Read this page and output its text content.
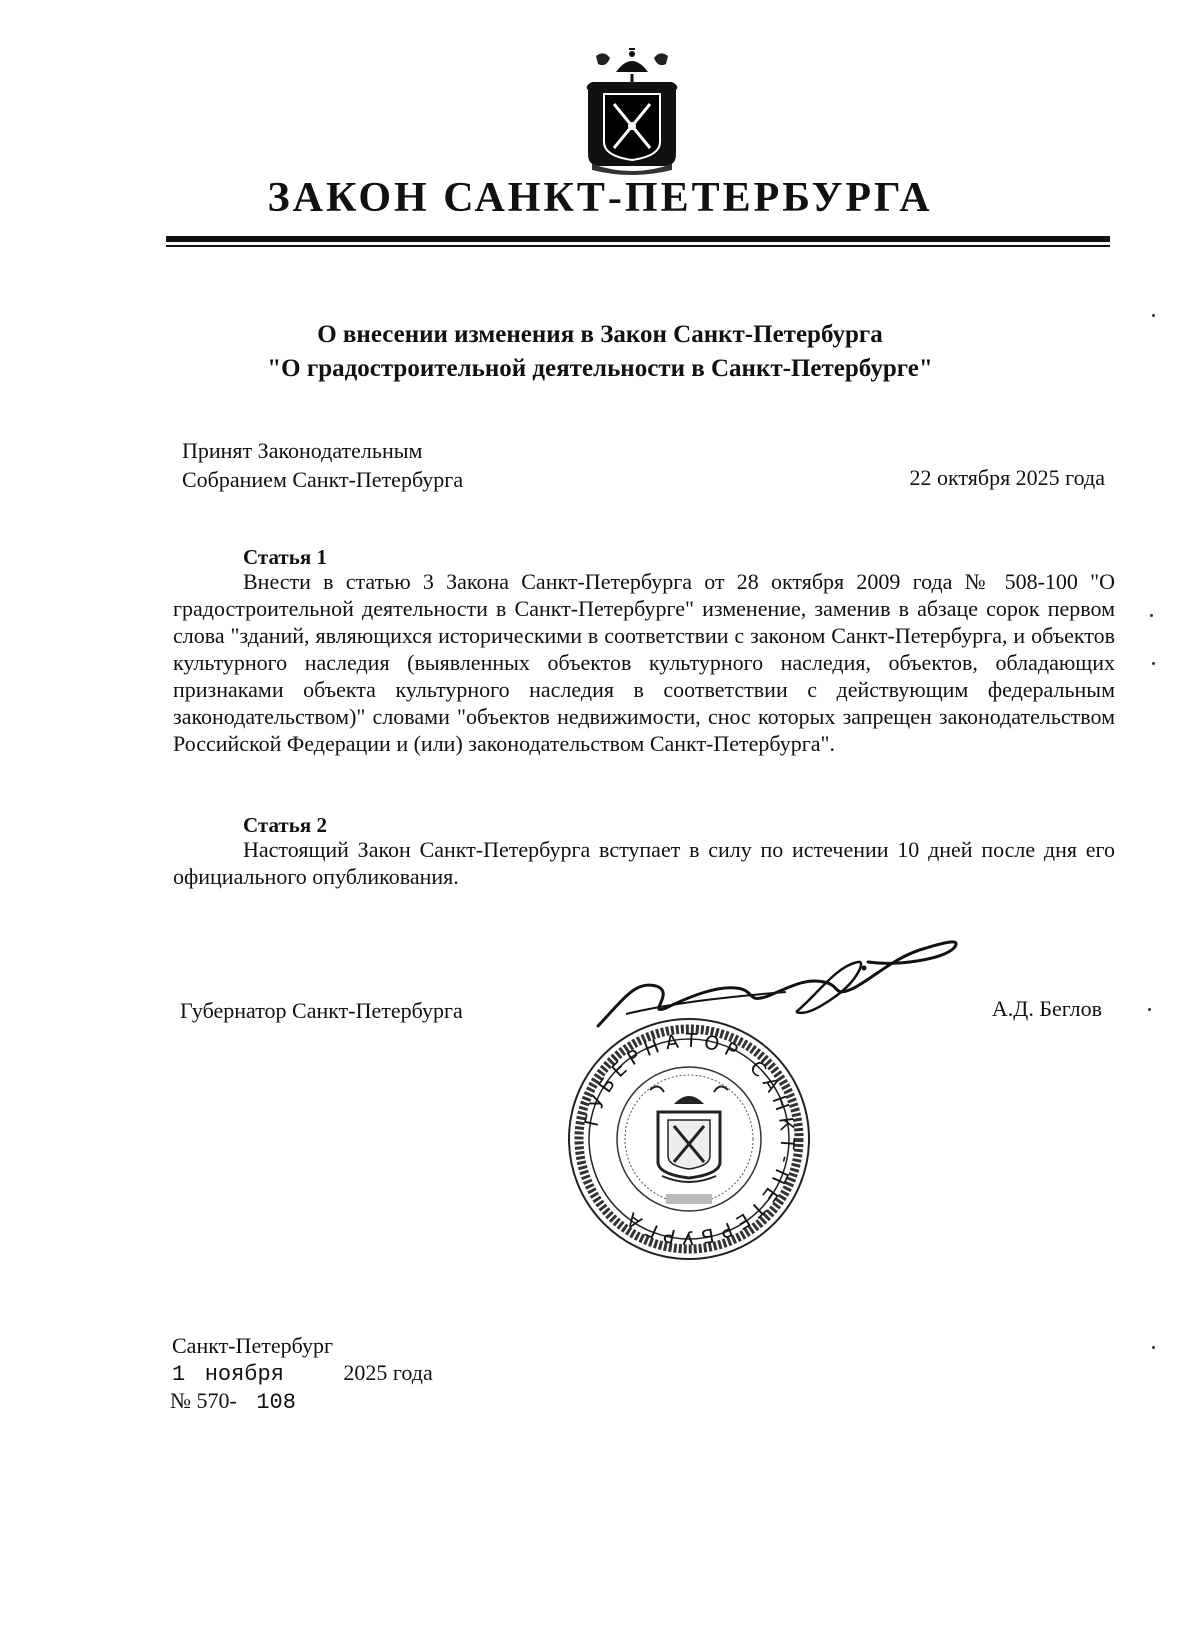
ЗАКОН САНКТ-ПЕТЕРБУРГА
О внесении изменения в Закон Санкт-Петербурга
"О градостроительной деятельности в Санкт-Петербурге"
Принят Законодательным
Собранием Санкт-Петербурга	22 октября 2025 года
Статья 1
Внести в статью 3 Закона Санкт-Петербурга от 28 октября 2009 года № 508-100 "О градостроительной деятельности в Санкт-Петербурге" изменение, заменив в абзаце сорок первом слова "зданий, являющихся историческими в соответствии с законом Санкт-Петербурга, и объектов культурного наследия (выявленных объектов культурного наследия, объектов, обладающих признаками объекта культурного наследия в соответствии с действующим федеральным законодательством)" словами "объектов недвижимости, снос которых запрещен законодательством Российской Федерации и (или) законодательством Санкт-Петербурга".
Статья 2
Настоящий Закон Санкт-Петербурга вступает в силу по истечении 10 дней после дня его официального опубликования.
Губернатор Санкт-Петербурга	А.Д. Беглов
ГУБЕРНАТОР САНКТ-ПЕТЕРБУРГА
Санкт-Петербург
1 ноября	2025 года
№ 570- 108
